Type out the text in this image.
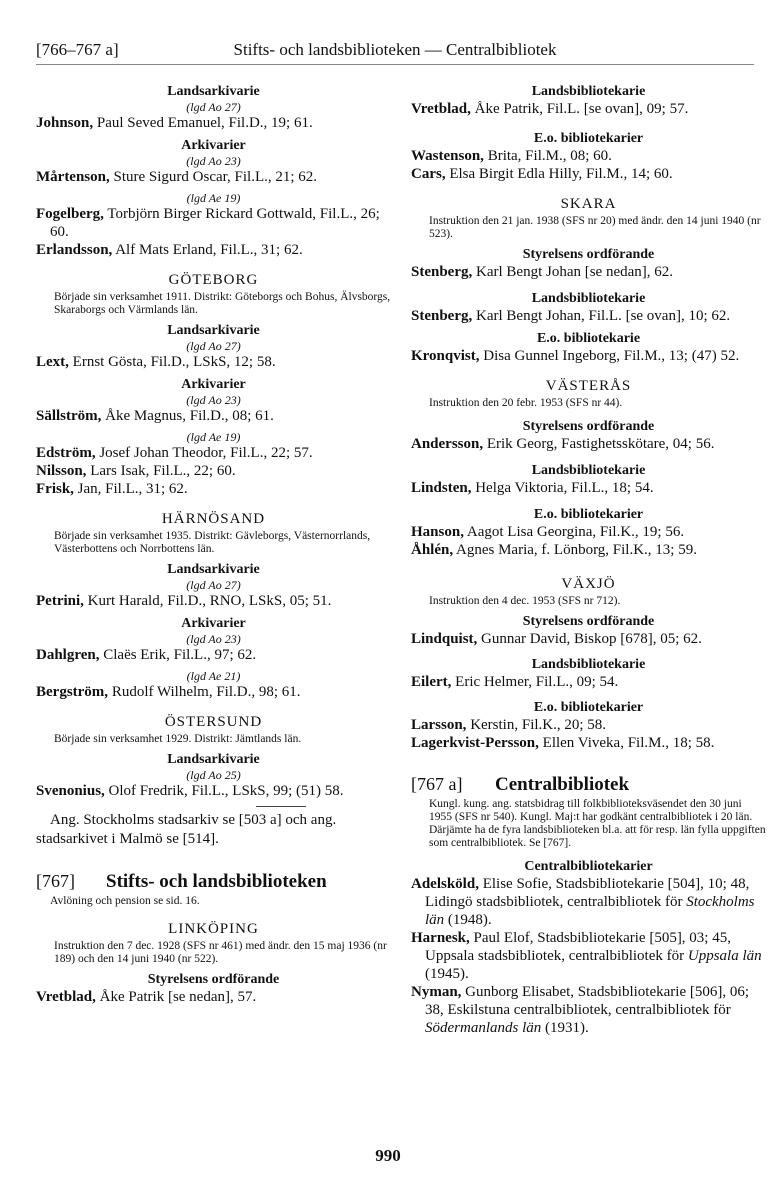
[766–767 a]	Stifts- och landsbiblioteken — Centralbibliotek
Landsarkivarie
(lgd Ao 27)
Johnson, Paul Seved Emanuel, Fil.D., 19; 61.
Arkivarier
(lgd Ao 23)
Mårtenson, Sture Sigurd Oscar, Fil.L., 21; 62.
(lgd Ae 19)
Fogelberg, Torbjörn Birger Rickard Gottwald, Fil.L., 26; 60.
Erlandsson, Alf Mats Erland, Fil.L., 31; 62.
GÖTEBORG
Började sin verksamhet 1911. Distrikt: Göteborgs och Bohus, Älvsborgs, Skaraborgs och Värmlands län.
Landsarkivarie
(lgd Ao 27)
Lext, Ernst Gösta, Fil.D., LSkS, 12; 58.
Arkivarier
(lgd Ao 23)
Sällström, Åke Magnus, Fil.D., 08; 61.
(lgd Ae 19)
Edström, Josef Johan Theodor, Fil.L., 22; 57.
Nilsson, Lars Isak, Fil.L., 22; 60.
Frisk, Jan, Fil.L., 31; 62.
HÄRNÖSAND
Började sin verksamhet 1935. Distrikt: Gävleborgs, Västernorrlands, Västerbottens och Norrbottens län.
Landsarkivarie
(lgd Ao 27)
Petrini, Kurt Harald, Fil.D., RNO, LSkS, 05; 51.
Arkivarier
(lgd Ao 23)
Dahlgren, Claës Erik, Fil.L., 97; 62.
(lgd Ae 21)
Bergström, Rudolf Wilhelm, Fil.D., 98; 61.
ÖSTERSUND
Började sin verksamhet 1929. Distrikt: Jämtlands län.
Landsarkivarie
(lgd Ao 25)
Svenonius, Olof Fredrik, Fil.L., LSkS, 99; (51) 58.
Ang. Stockholms stadsarkiv se [503 a] och ang. stadsarkivet i Malmö se [514].
[767]	Stifts- och landsbiblioteken
Avlöning och pension se sid. 16.
LINKÖPING
Instruktion den 7 dec. 1928 (SFS nr 461) med ändr. den 15 maj 1936 (nr 189) och den 14 juni 1940 (nr 522).
Styrelsens ordförande
Vretblad, Åke Patrik [se nedan], 57.
Landsbibliotekarie
Vretblad, Åke Patrik, Fil.L. [se ovan], 09; 57.
E.o. bibliotekarier
Wastenson, Brita, Fil.M., 08; 60.
Cars, Elsa Birgit Edla Hilly, Fil.M., 14; 60.
SKARA
Instruktion den 21 jan. 1938 (SFS nr 20) med ändr. den 14 juni 1940 (nr 523).
Styrelsens ordförande
Stenberg, Karl Bengt Johan [se nedan], 62.
Landsbibliotekarie
Stenberg, Karl Bengt Johan, Fil.L. [se ovan], 10; 62.
E.o. bibliotekarie
Kronqvist, Disa Gunnel Ingeborg, Fil.M., 13; (47) 52.
VÄSTERÅS
Instruktion den 20 febr. 1953 (SFS nr 44).
Styrelsens ordförande
Andersson, Erik Georg, Fastighetsskötare, 04; 56.
Landsbibliotekarie
Lindsten, Helga Viktoria, Fil.L., 18; 54.
E.o. bibliotekarier
Hanson, Aagot Lisa Georgina, Fil.K., 19; 56.
Åhlén, Agnes Maria, f. Lönborg, Fil.K., 13; 59.
VÄXJÖ
Instruktion den 4 dec. 1953 (SFS nr 712).
Styrelsens ordförande
Lindquist, Gunnar David, Biskop [678], 05; 62.
Landsbibliotekarie
Eilert, Eric Helmer, Fil.L., 09; 54.
E.o. bibliotekarier
Larsson, Kerstin, Fil.K., 20; 58.
Lagerkvist-Persson, Ellen Viveka, Fil.M., 18; 58.
[767 a]	Centralbibliotek
Kungl. kung. ang. statsbidrag till folkbiblioteksväsendet den 30 juni 1955 (SFS nr 540). Kungl. Maj:t har godkänt centralbibliotek i 20 län. Därjämte ha de fyra landsbiblioteken bl.a. att för resp. län fylla uppgiften som centralbibliotek. Se [767].
Centralbibliotekarier
Adelsköld, Elise Sofie, Stadsbibliotekarie [504], 10; 48, Lidingö stadsbibliotek, centralbibliotek för Stockholms län (1948).
Harnesk, Paul Elof, Stadsbibliotekarie [505], 03; 45, Uppsala stadsbibliotek, centralbibliotek för Uppsala län (1945).
Nyman, Gunborg Elisabet, Stadsbibliotekarie [506], 06; 38, Eskilstuna centralbibliotek, centralbibliotek för Södermanlands län (1931).
990
